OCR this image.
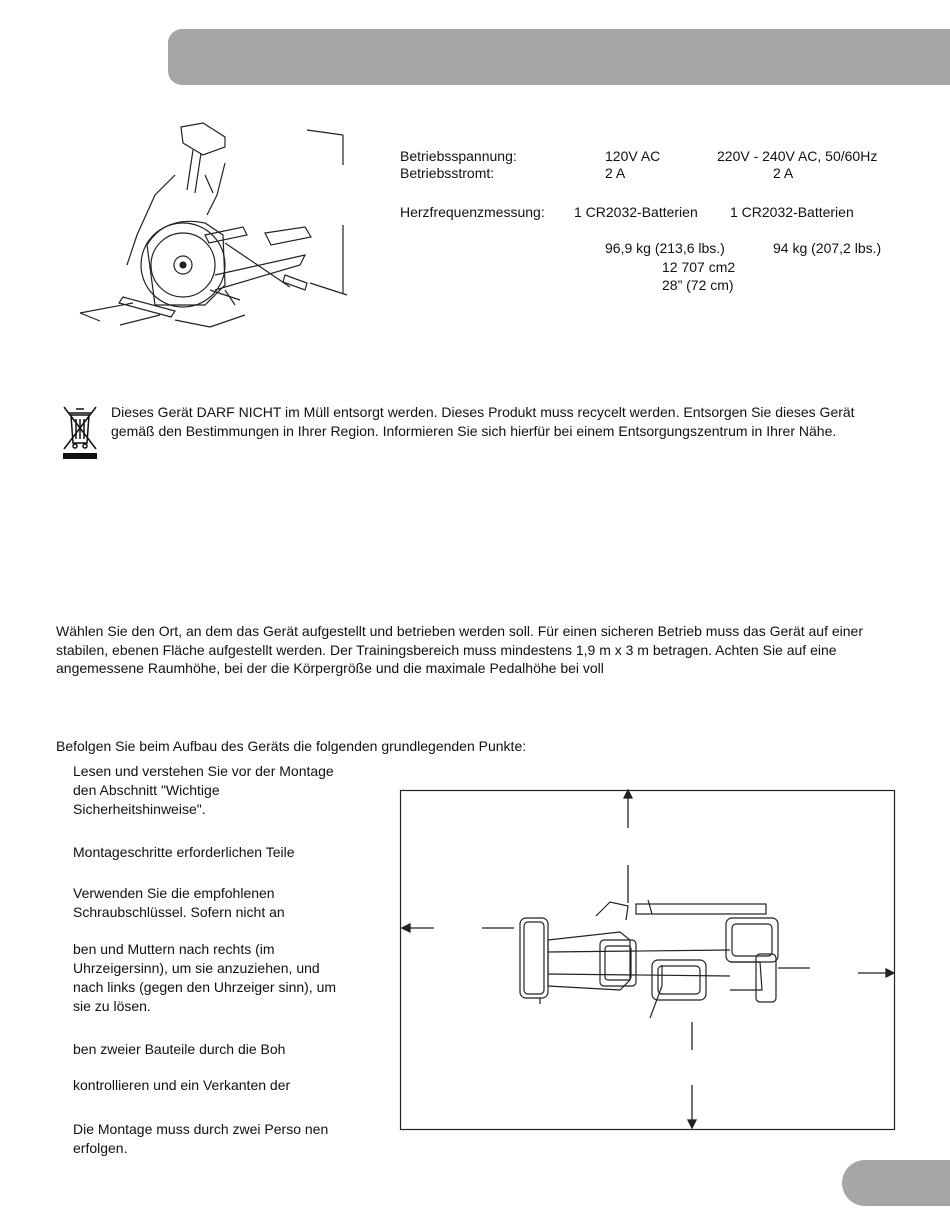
Betriebsspannung:	120V AC	220V - 240V AC, 50/60Hz
Betriebsstromt:	2 A	2 A
Herzfrequenzmessung: 1 CR2032-Batterien 1 CR2032-Batterien
96,9 kg (213,6 lbs.)	94 kg (207,2 lbs.)
12 707 cm2
28” (72 cm)
Dieses Gerät DARF NICHT im Müll entsorgt werden. Dieses Produkt muss recycelt werden. Entsorgen Sie dieses Gerät gemäß den Bestimmungen in Ihrer Region. Informieren Sie sich hierfür bei einem Entsorgungszentrum in Ihrer Nähe.
Wählen Sie den Ort, an dem das Gerät aufgestellt und betrieben werden soll. Für einen sicheren Betrieb muss das Gerät auf einer stabilen, ebenen Fläche aufgestellt werden. Der Trainingsbereich muss mindestens 1,9 m x 3 m betragen. Achten Sie auf eine angemessene Raumhöhe, bei der die Körpergröße und die maximale Pedalhöhe bei voll
Befolgen Sie beim Aufbau des Geräts die folgenden grundlegenden Punkte:
Lesen und verstehen Sie vor der Montage den Abschnitt "Wichtige Sicherheitshinweise".
Montageschritte erforderlichen Teile
Verwenden Sie die empfohlenen Schraubschlüssel. Sofern nicht an
ben und Muttern nach rechts (im Uhrzeigersinn), um sie anzuziehen, und nach links (gegen den Uhrzeiger sinn), um sie zu lösen.
ben zweier Bauteile durch die Boh
kontrollieren und ein Verkanten der
Die Montage muss durch zwei Perso nen erfolgen.
